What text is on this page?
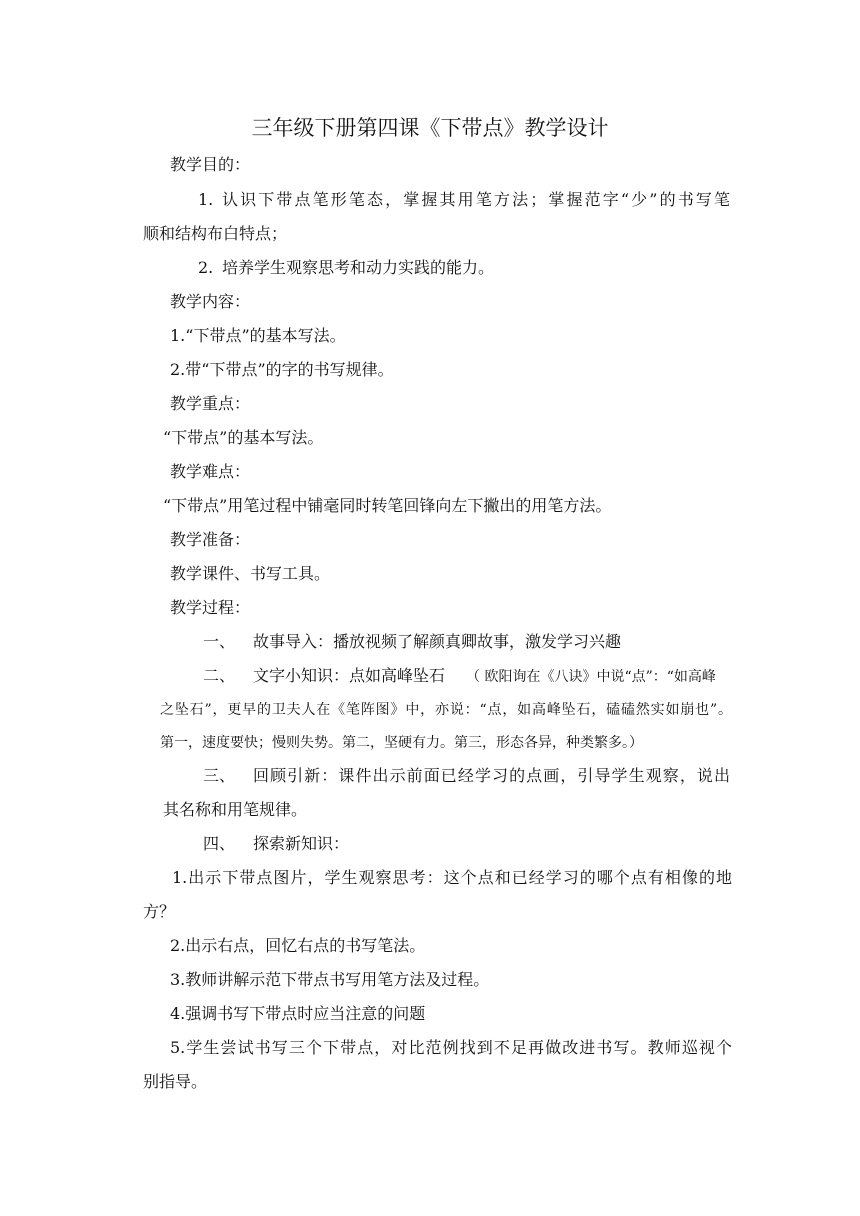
三年级下册第四课《下带点》教学设计
教学目的：
1. 认识下带点笔形笔态，掌握其用笔方法；掌握范字“少”的书写笔
顺和结构布白特点；
2. 培养学生观察思考和动力实践的能力。
教学内容：
1.“下带点”的基本写法。
2.带“下带点”的字的书写规律。
教学重点：
“下带点”的基本写法。
教学难点：
“下带点”用笔过程中铺毫同时转笔回锋向左下撇出的用笔方法。
教学准备：
教学课件、书写工具。
教学过程：
一、 故事导入：播放视频了解颜真卿故事，激发学习兴趣
二、 文字小知识：点如高峰坠石 （ 欧阳询在《八诀》中说“点”：“如高峰
之坠石”，更早的卫夫人在《笔阵图》中，亦说：“点，如高峰坠石，磕磕然实如崩也”。
第一，速度要快；慢则失势。第二，坚硬有力。第三，形态各异，种类繁多。）
三、 回顾引新：课件出示前面已经学习的点画，引导学生观察，说出
其名称和用笔规律。
四、 探索新知识：
1.出示下带点图片，学生观察思考：这个点和已经学习的哪个点有相像的地
方？
2.出示右点，回忆右点的书写笔法。
3.教师讲解示范下带点书写用笔方法及过程。
4.强调书写下带点时应当注意的问题
5.学生尝试书写三个下带点，对比范例找到不足再做改进书写。教师巡视个
别指导。
